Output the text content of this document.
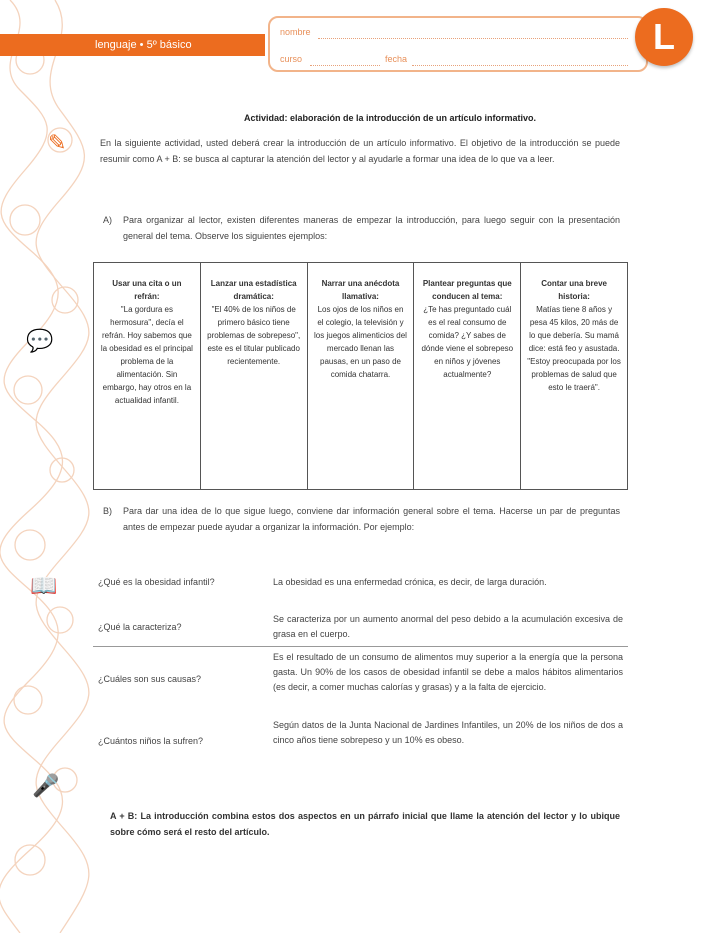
✎
💬
📖
🎤
lenguaje • 5º básico
nombre
curso	fecha
L
Actividad: elaboración de la introducción de un artículo informativo.
En la siguiente actividad, usted deberá crear la introducción de un artículo informativo. El objetivo de la introducción se puede resumir como A + B: se busca al capturar la atención del lector y al ayudarle a formar una idea de lo que va a leer.
A) Para organizar al lector, existen diferentes maneras de empezar la introducción, para luego seguir con la presentación general del tema. Observe los siguientes ejemplos:
Usar una cita o un refrán:
"La gordura es hermosura", decía el refrán. Hoy sabemos que la obesidad es el principal problema de la alimentación. Sin embargo, hay otros en la actualidad infantil.
Lanzar una estadística dramática:
"El 40% de los niños de primero básico tiene problemas de sobrepeso", este es el titular publicado recientemente.
Narrar una anécdota llamativa:
Los ojos de los niños en el colegio, la televisión y los juegos alimenticios del mercado llenan las pausas, en un paso de comida chatarra.
Plantear preguntas que conducen al tema:
¿Te has preguntado cuál es el real consumo de comida? ¿Y sabes de dónde viene el sobrepeso en niños y jóvenes actualmente?
Contar una breve historia:
Matías tiene 8 años y pesa 45 kilos, 20 más de lo que debería. Su mamá dice: está feo y asustada. "Estoy preocupada por los problemas de salud que esto le traerá".
B) Para dar una idea de lo que sigue luego, conviene dar información general sobre el tema. Hacerse un par de preguntas antes de empezar puede ayudar a organizar la información. Por ejemplo:
¿Qué es la obesidad infantil?	La obesidad es una enfermedad crónica, es decir, de larga duración.
¿Qué la caracteriza?
Se caracteriza por un aumento anormal del peso debido a la acumulación excesiva de grasa en el cuerpo.
¿Cuáles son sus causas?
Es el resultado de un consumo de alimentos muy superior a la energía que la persona gasta. Un 90% de los casos de obesidad infantil se debe a malos hábitos alimentarios (es decir, a comer muchas calorías y grasas) y a la falta de ejercicio.
¿Cuántos niños la sufren?
Según datos de la Junta Nacional de Jardines Infantiles, un 20% de los niños de dos a cinco años tiene sobrepeso y un 10% es obeso.
A + B: La introducción combina estos dos aspectos en un párrafo inicial que llame la atención del lector y lo ubique sobre cómo será el resto del artículo.
